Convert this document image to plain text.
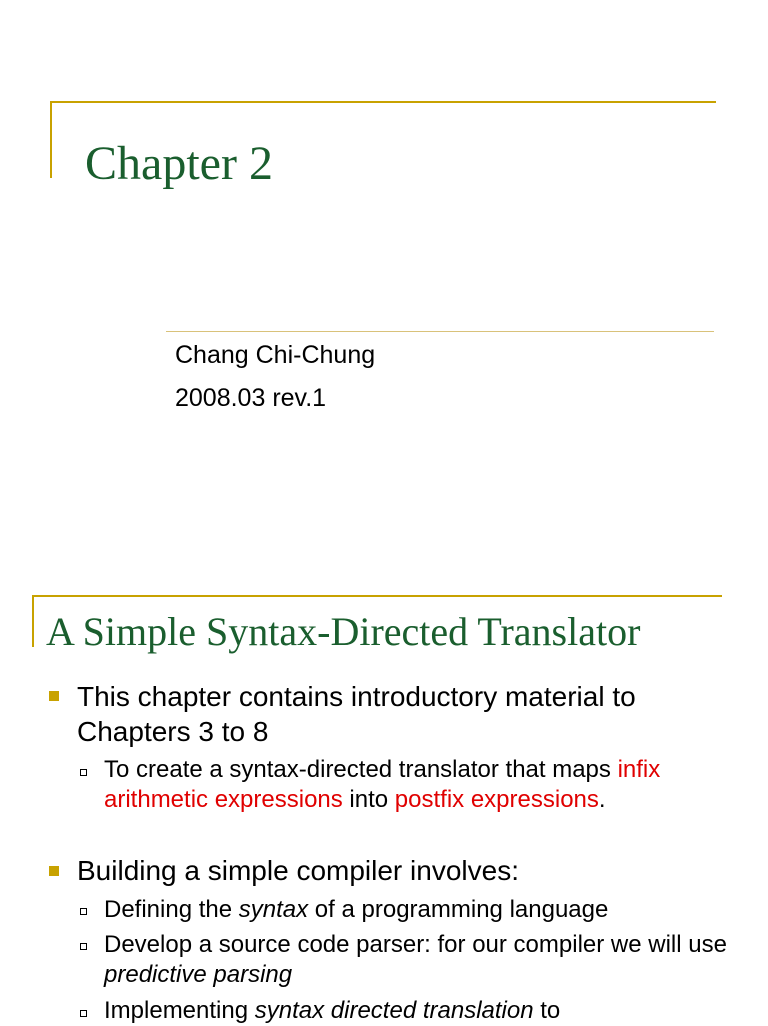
Chapter 2
Chang Chi-Chung
2008.03 rev.1
A Simple Syntax-Directed Translator
This chapter contains introductory material to Chapters 3 to 8
To create a syntax-directed translator that maps infix arithmetic expressions into postfix expressions.
Building a simple compiler involves:
Defining the syntax of a programming language
Develop a source code parser: for our compiler we will use predictive parsing
Implementing syntax directed translation to
